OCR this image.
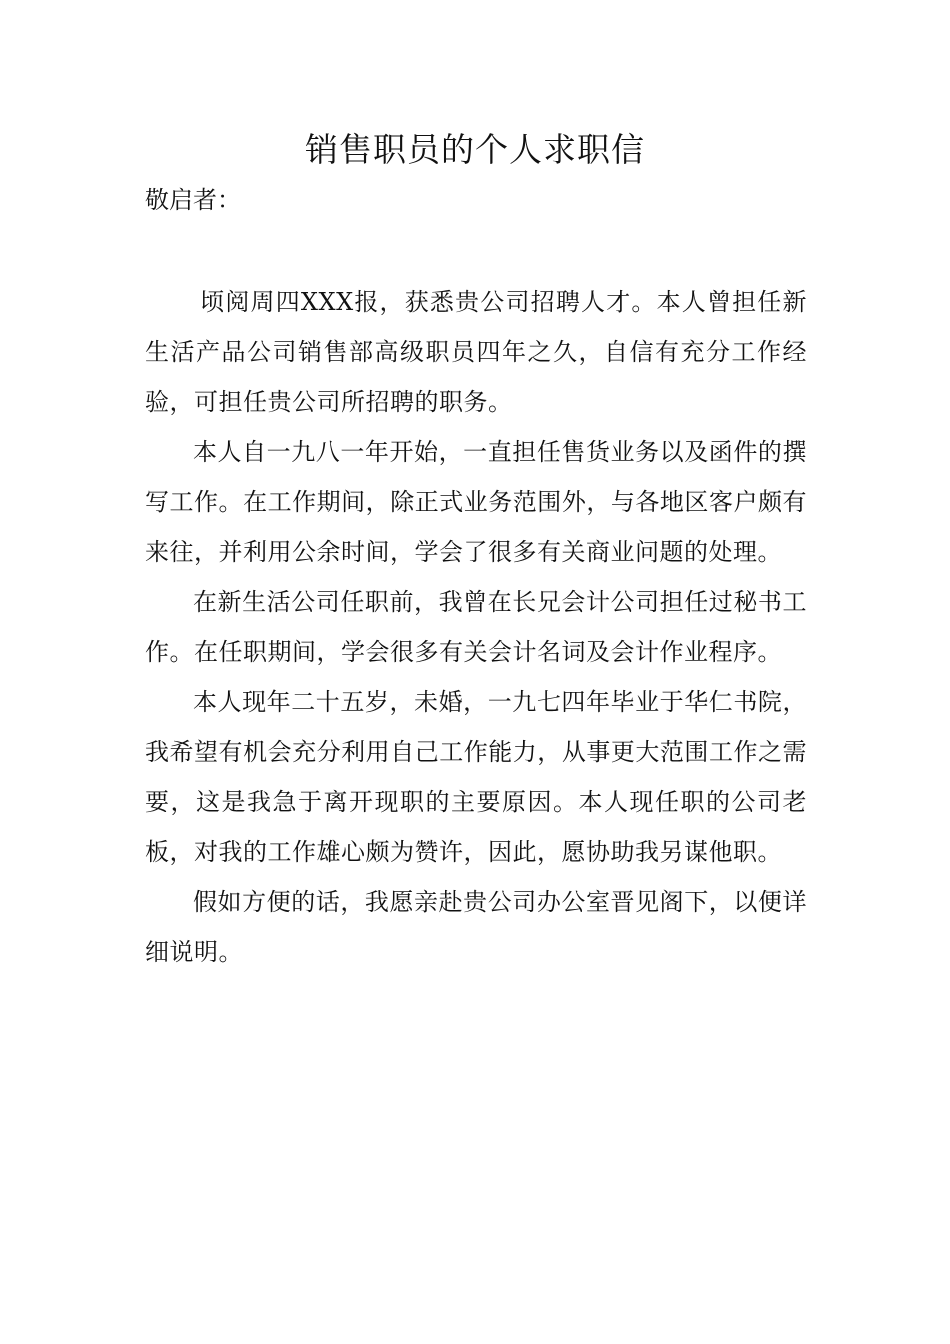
销售职员的个人求职信

敬启者：

顷阅周四XXX报，获悉贵公司招聘人才。本人曾担任新生活产品公司销售部高级职员四年之久，自信有充分工作经验，可担任贵公司所招聘的职务。

本人自一九八一年开始，一直担任售货业务以及函件的撰写工作。在工作期间，除正式业务范围外，与各地区客户颇有来往，并利用公余时间，学会了很多有关商业问题的处理。

在新生活公司任职前，我曾在长兄会计公司担任过秘书工作。在任职期间，学会很多有关会计名词及会计作业程序。

本人现年二十五岁，未婚，一九七四年毕业于华仁书院，我希望有机会充分利用自己工作能力，从事更大范围工作之需要，这是我急于离开现职的主要原因。本人现任职的公司老板，对我的工作雄心颇为赞许，因此，愿协助我另谋他职。

假如方便的话，我愿亲赴贵公司办公室晋见阁下，以便详细说明。
